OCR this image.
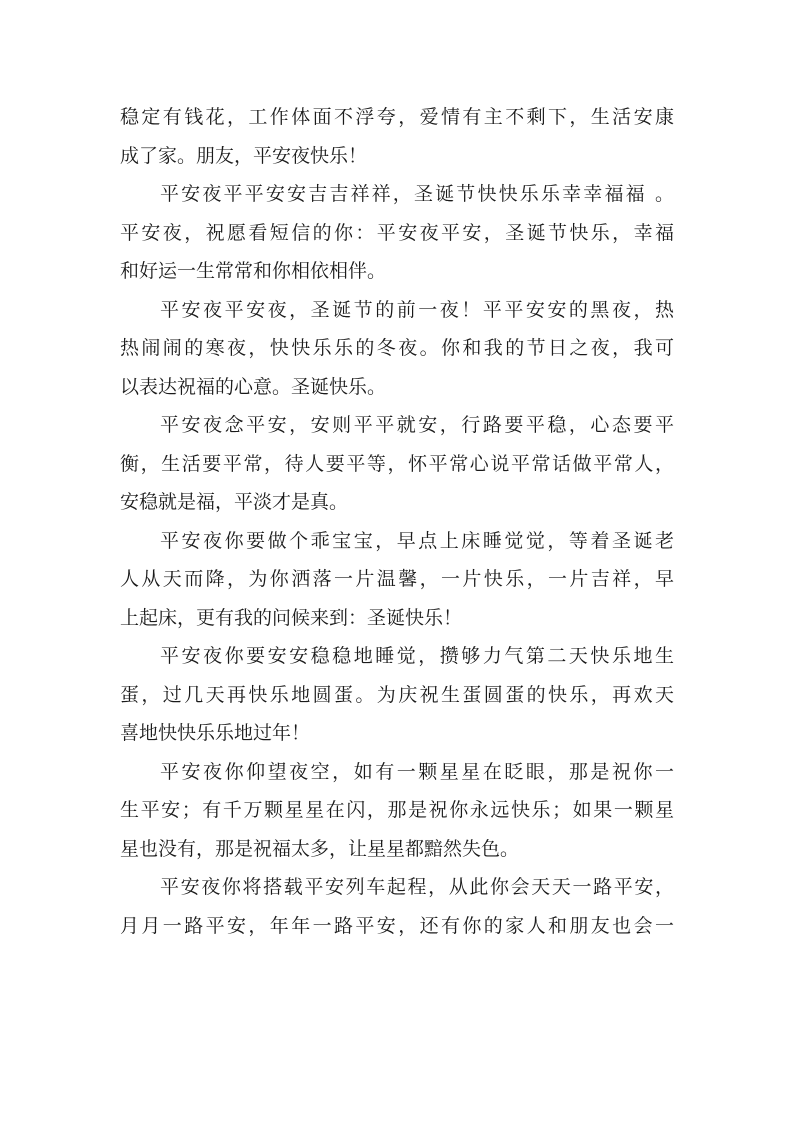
稳定有钱花，工作体面不浮夸，爱情有主不剩下，生活安康
成了家。朋友，平安夜快乐！

平安夜平平安安吉吉祥祥，圣诞节快快乐乐幸幸福福 。
平安夜，祝愿看短信的你：平安夜平安，圣诞节快乐，幸福
和好运一生常常和你相依相伴。

平安夜平安夜，圣诞节的前一夜！平平安安的黑夜，热
热闹闹的寒夜，快快乐乐的冬夜。你和我的节日之夜，我可
以表达祝福的心意。圣诞快乐。

平安夜念平安，安则平平就安，行路要平稳，心态要平
衡，生活要平常，待人要平等，怀平常心说平常话做平常人，
安稳就是福，平淡才是真。

平安夜你要做个乖宝宝，早点上床睡觉觉，等着圣诞老
人从天而降，为你洒落一片温馨，一片快乐，一片吉祥，早
上起床，更有我的问候来到：圣诞快乐！

平安夜你要安安稳稳地睡觉，攒够力气第二天快乐地生
蛋，过几天再快乐地圆蛋。为庆祝生蛋圆蛋的快乐，再欢天
喜地快快乐乐地过年！

平安夜你仰望夜空，如有一颗星星在眨眼，那是祝你一
生平安；有千万颗星星在闪，那是祝你永远快乐；如果一颗星
星也没有，那是祝福太多，让星星都黯然失色。

平安夜你将搭载平安列车起程，从此你会天天一路平安，
月月一路平安，年年一路平安，还有你的家人和朋友也会一
